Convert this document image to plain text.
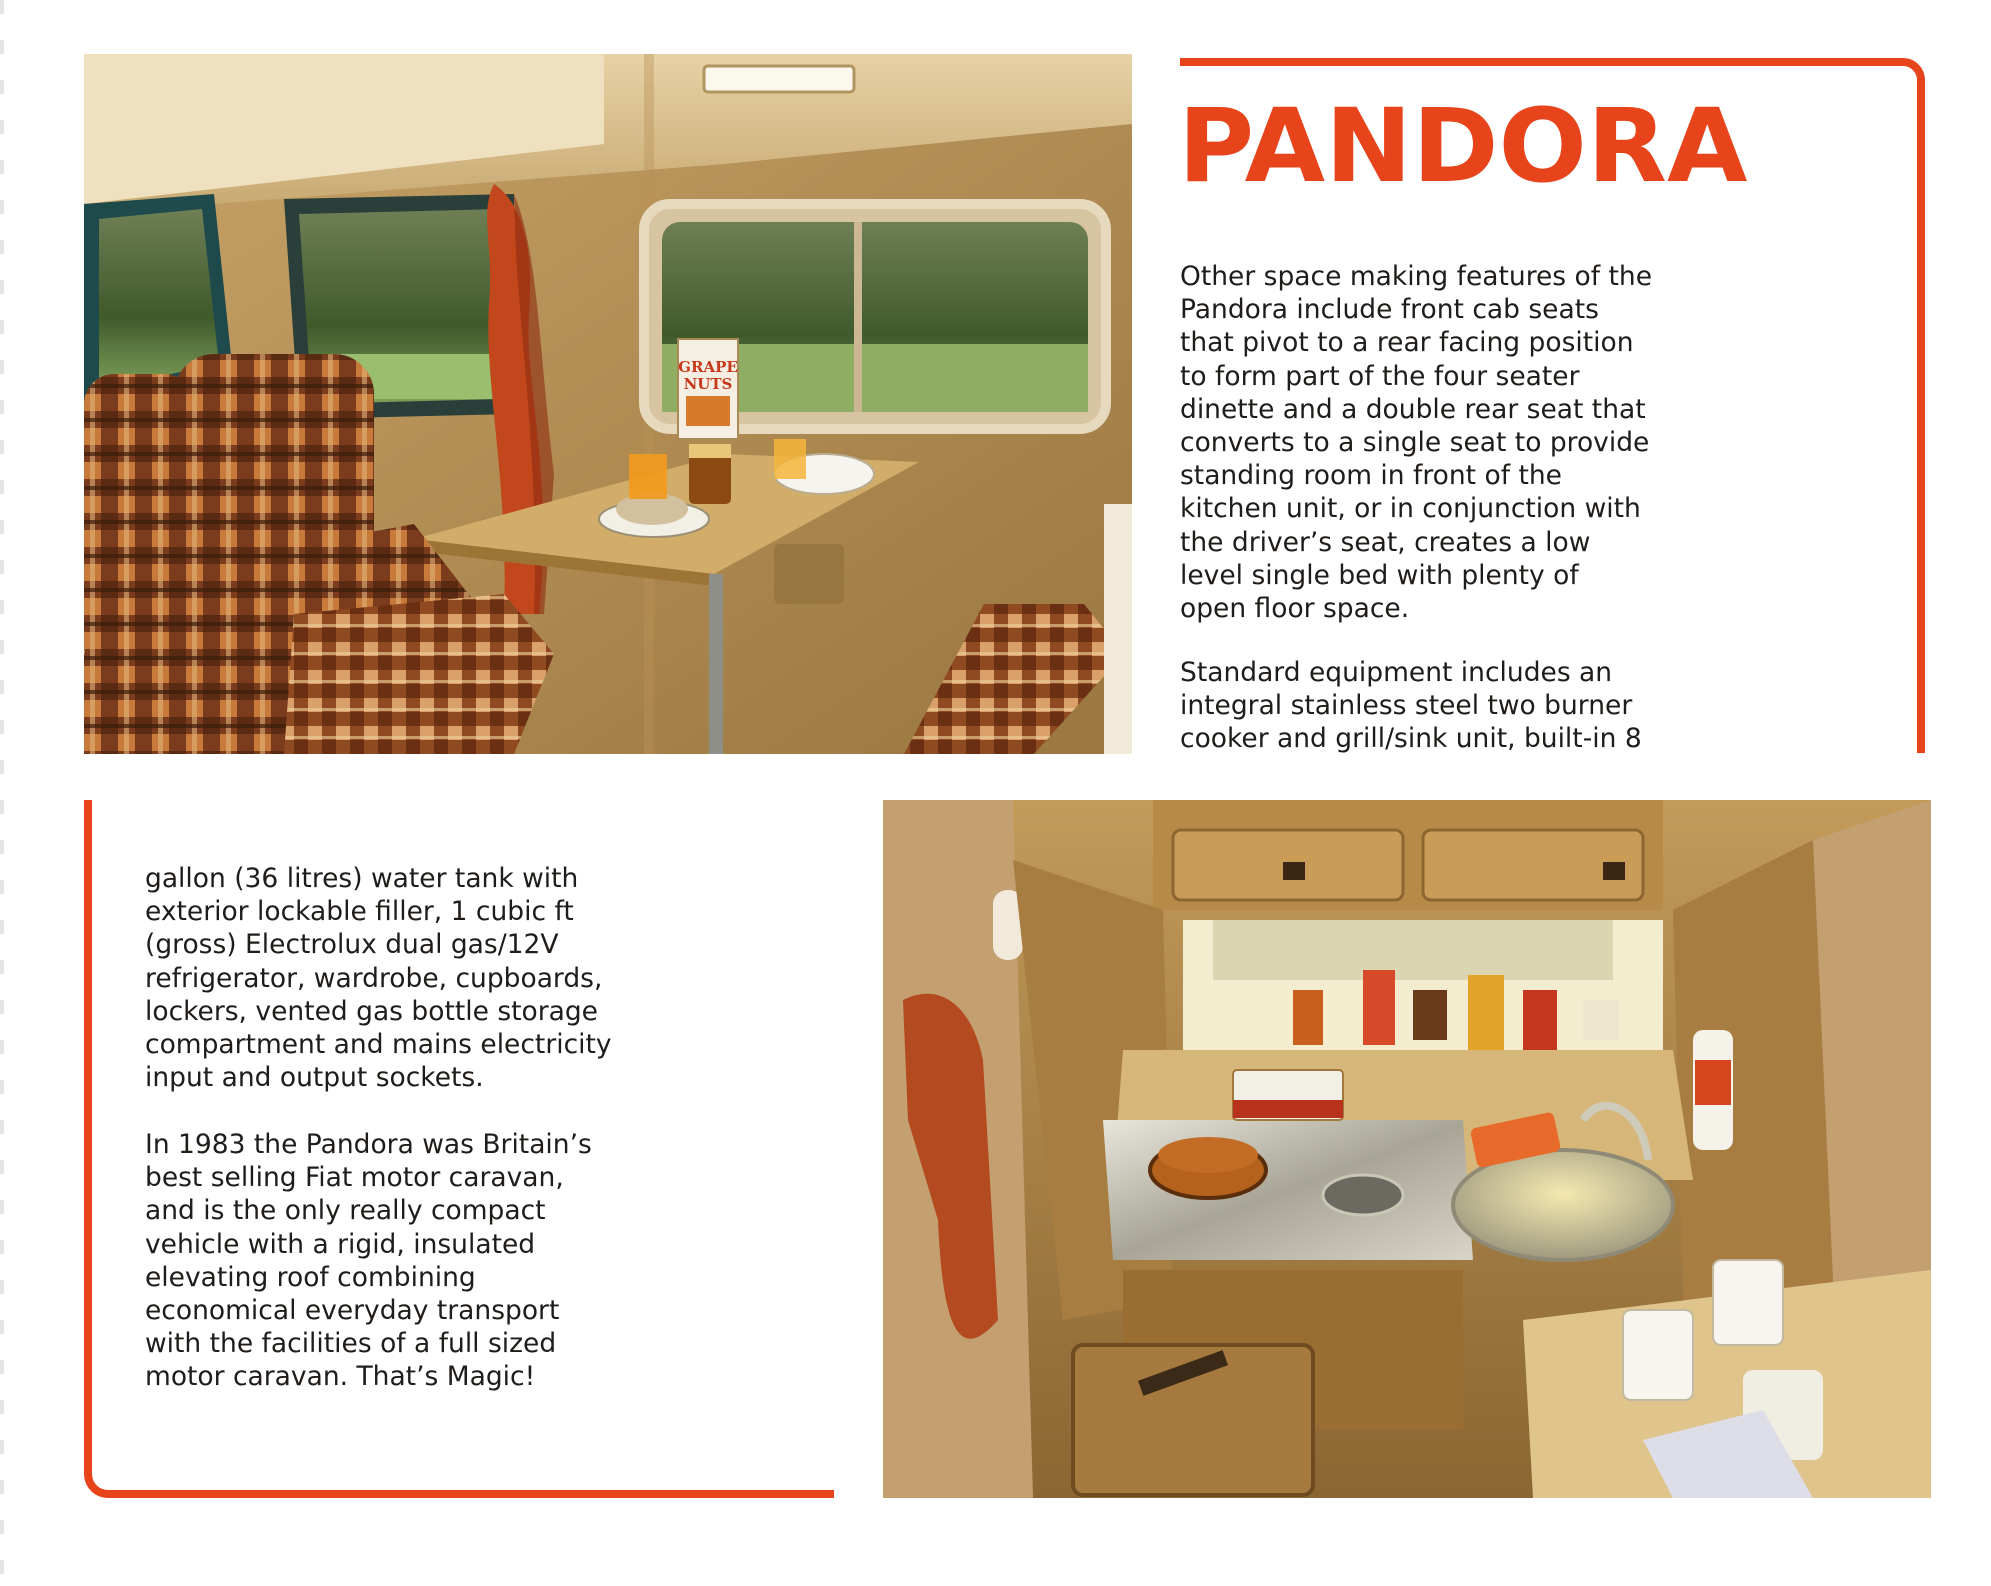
GRAPE
NUTS
PANDORA

Other space making features of the
Pandora include front cab seats
that pivot to a rear facing position
to form part of the four seater
dinette and a double rear seat that
converts to a single seat to provide
standing room in front of the
kitchen unit, or in conjunction with
the driver’s seat, creates a low
level single bed with plenty of
open floor space.

Standard equipment includes an
integral stainless steel two burner
cooker and grill/sink unit, built-in 8

gallon (36 litres) water tank with
exterior lockable filler, 1 cubic ft
(gross) Electrolux dual gas/12V
refrigerator, wardrobe, cupboards,
lockers, vented gas bottle storage
compartment and mains electricity
input and output sockets.

In 1983 the Pandora was Britain’s
best selling Fiat motor caravan,
and is the only really compact
vehicle with a rigid, insulated
elevating roof combining
economical everyday transport
with the facilities of a full sized
motor caravan. That’s Magic!
